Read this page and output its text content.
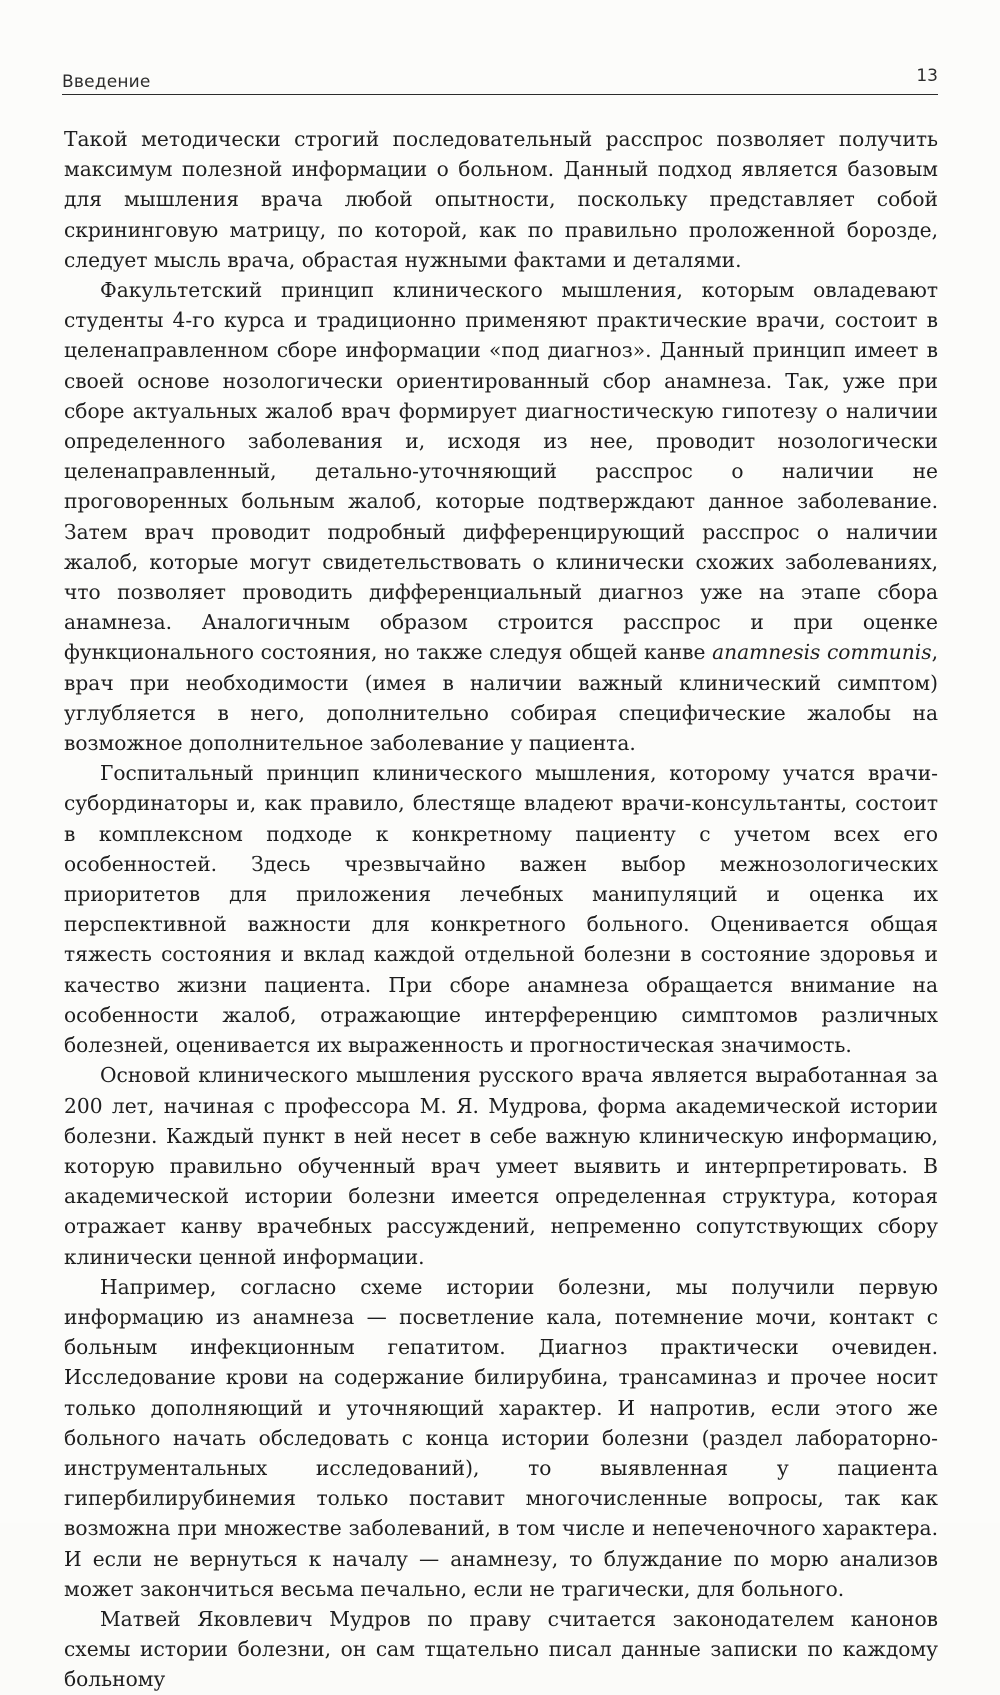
Введение	13

Такой методически строгий последовательный расспрос позволяет получить максимум полезной информации о больном. Данный подход является базовым для мышления врача любой опытности, поскольку представляет собой скрининговую матрицу, по которой, как по правильно проложенной борозде, следует мысль врача, обрастая нужными фактами и деталями.

Факультетский принцип клинического мышления, которым овладевают студенты 4-го курса и традиционно применяют практические врачи, состоит в целенаправленном сборе информации «под диагноз». Данный принцип имеет в своей основе нозологически ориентированный сбор анамнеза. Так, уже при сборе актуальных жалоб врач формирует диагностическую гипотезу о наличии определенного заболевания и, исходя из нее, проводит нозологически целенаправленный, детально-уточняющий расспрос о наличии не проговоренных больным жалоб, которые подтверждают данное заболевание. Затем врач проводит подробный дифференцирующий расспрос о наличии жалоб, которые могут свидетельствовать о клинически схожих заболеваниях, что позволяет проводить дифференциальный диагноз уже на этапе сбора анамнеза. Аналогичным образом строится расспрос и при оценке функционального состояния, но также следуя общей канве anamnesis communis, врач при необходимости (имея в наличии важный клинический симптом) углубляется в него, дополнительно собирая специфические жалобы на возможное дополнительное заболевание у пациента.

Госпитальный принцип клинического мышления, которому учатся врачи-субординаторы и, как правило, блестяще владеют врачи-консультанты, состоит в комплексном подходе к конкретному пациенту с учетом всех его особенностей. Здесь чрезвычайно важен выбор межнозологических приоритетов для приложения лечебных манипуляций и оценка их перспективной важности для конкретного больного. Оценивается общая тяжесть состояния и вклад каждой отдельной болезни в состояние здоровья и качество жизни пациента. При сборе анамнеза обращается внимание на особенности жалоб, отражающие интерференцию симптомов различных болезней, оценивается их выраженность и прогностическая значимость.

Основой клинического мышления русского врача является выработанная за 200 лет, начиная с профессора М. Я. Мудрова, форма академической истории болезни. Каждый пункт в ней несет в себе важную клиническую информацию, которую правильно обученный врач умеет выявить и интерпретировать. В академической истории болезни имеется определенная структура, которая отражает канву врачебных рассуждений, непременно сопутствующих сбору клинически ценной информации.

Например, согласно схеме истории болезни, мы получили первую информацию из анамнеза — посветление кала, потемнение мочи, контакт с больным инфекционным гепатитом. Диагноз практически очевиден. Исследование крови на содержание билирубина, трансаминаз и прочее носит только дополняющий и уточняющий характер. И напротив, если этого же больного начать обследовать с конца истории болезни (раздел лабораторно-инструментальных исследований), то выявленная у пациента гипербилирубинемия только поставит многочисленные вопросы, так как возможна при множестве заболеваний, в том числе и непеченочного характера. И если не вернуться к началу — анамнезу, то блуждание по морю анализов может закончиться весьма печально, если не трагически, для больного.

Матвей Яковлевич Мудров по праву считается законодателем канонов схемы истории болезни, он сам тщательно писал данные записки по каждому больному
